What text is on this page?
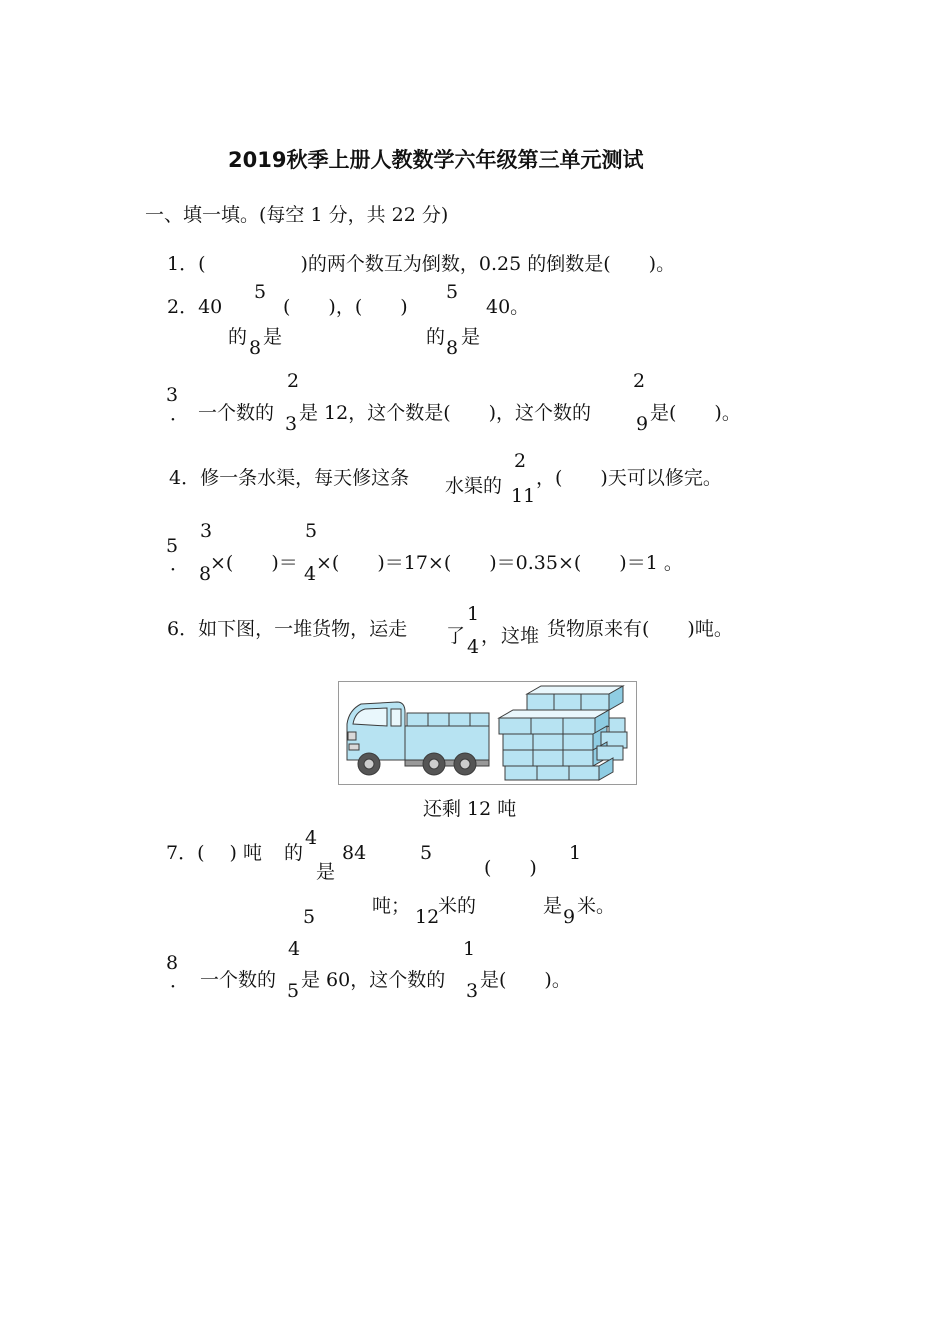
2019秋季上册人教数学六年级第三单元测试
一、填一填。(每空 1 分，共 22 分)
1．(　　　　　)的两个数互为倒数，0.25 的倒数是(　　)。
2．40
5
(　　)，(　　)
5
40。
的 8 是	的 8 是
2	2
3
． 一个数的 3 是 12，这个数是(　　)，这个数的 9 是(　　)。
2
4．修一条水渠，每天修这条 水渠的 11
，(　　)天可以修完。
3	5
5
． 8
×(　　)＝ 4 ×(　　)＝17×(　　)＝0.35×(　　)＝1 。
1
6．如下图，一堆货物，运走 了 4 ， 这堆 货物原来有(　　)吨。
还剩 12 吨
4
7．(　 ) 吨 的 84	5	1
是	(　　)
5	吨； 12
米的	是 9 米。
4	1
8
． 一个数的 5 是 60，这个数的 3 是(　　)。
